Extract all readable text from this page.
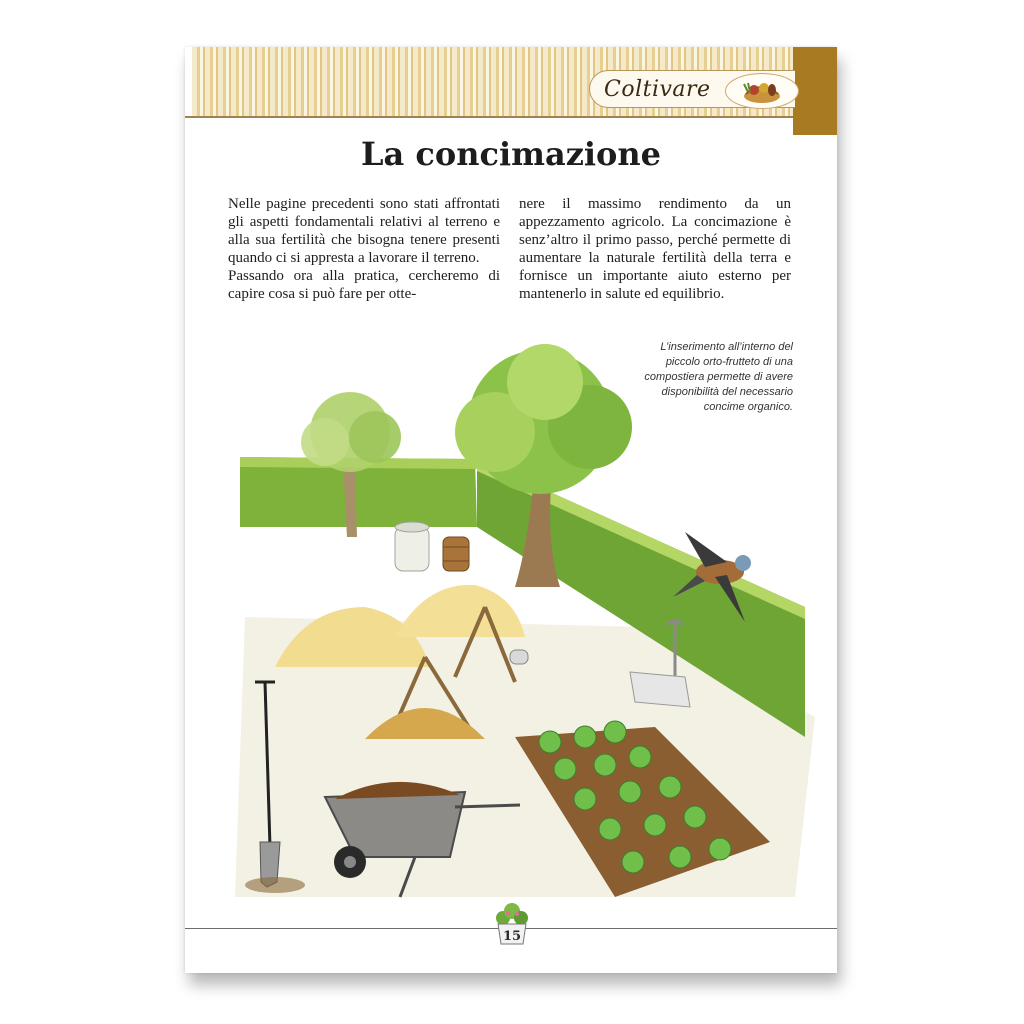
Coltivare
La concimazione

Nelle pagine precedenti sono stati affrontati gli aspetti fondamentali relativi al terreno e alla sua fertilità che bisogna tenere presenti quando ci si appresta a lavorare il terreno.

Passando ora alla pratica, cercheremo di capire cosa si può fare per otte-

nere il massimo rendimento da un appezzamento agricolo. La concimazione è senz’altro il primo passo, perché permette di aumentare la naturale fertilità della terra e fornisce un importante aiuto esterno per mantenerlo in salute ed equilibrio.

L’inserimento all’interno del piccolo orto-frutteto di una compostiera permette di avere disponibilità del necessario concime organico.

15
